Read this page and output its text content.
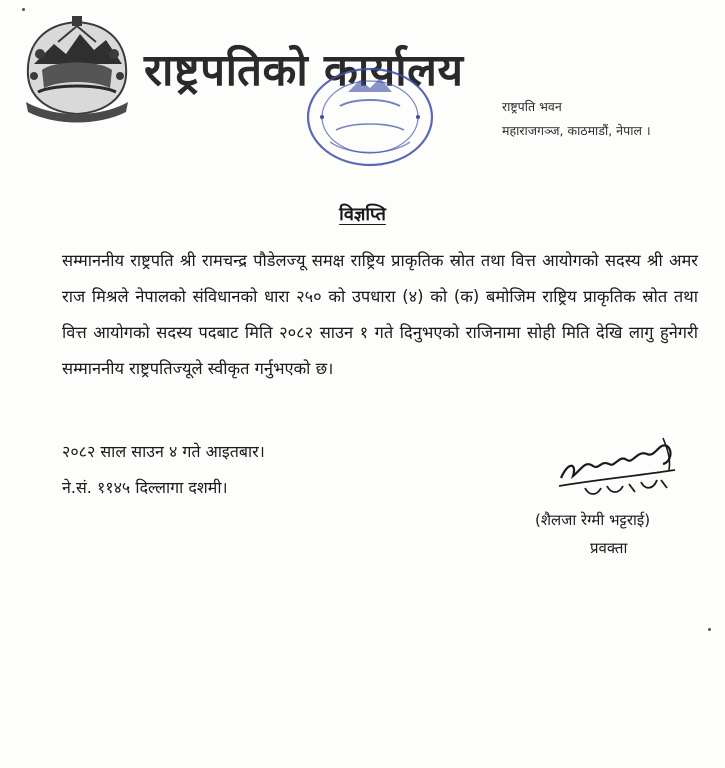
राष्ट्रपतिको कार्यालय
राष्ट्रपति भवन
महाराजगञ्ज, काठमाडौं, नेपाल ।
विज्ञप्ति
सम्माननीय राष्ट्रपति श्री रामचन्द्र पौडेलज्यू समक्ष राष्ट्रिय प्राकृतिक स्रोत तथा वित्त आयोगको सदस्य श्री अमर राज मिश्रले नेपालको संविधानको धारा २५० को उपधारा (४) को (क) बमोजिम राष्ट्रिय प्राकृतिक स्रोत तथा वित्त आयोगको सदस्य पदबाट मिति २०८२ साउन १ गते दिनुभएको राजिनामा सोही मिति देखि लागु हुनेगरी सम्माननीय राष्ट्रपतिज्यूले स्वीकृत गर्नुभएको छ।
२०८२ साल साउन ४ गते आइतबार।
ने.सं. ११४५ दिल्लागा दशमी।
(शैलजा रेग्मी भट्टराई)
प्रवक्ता
